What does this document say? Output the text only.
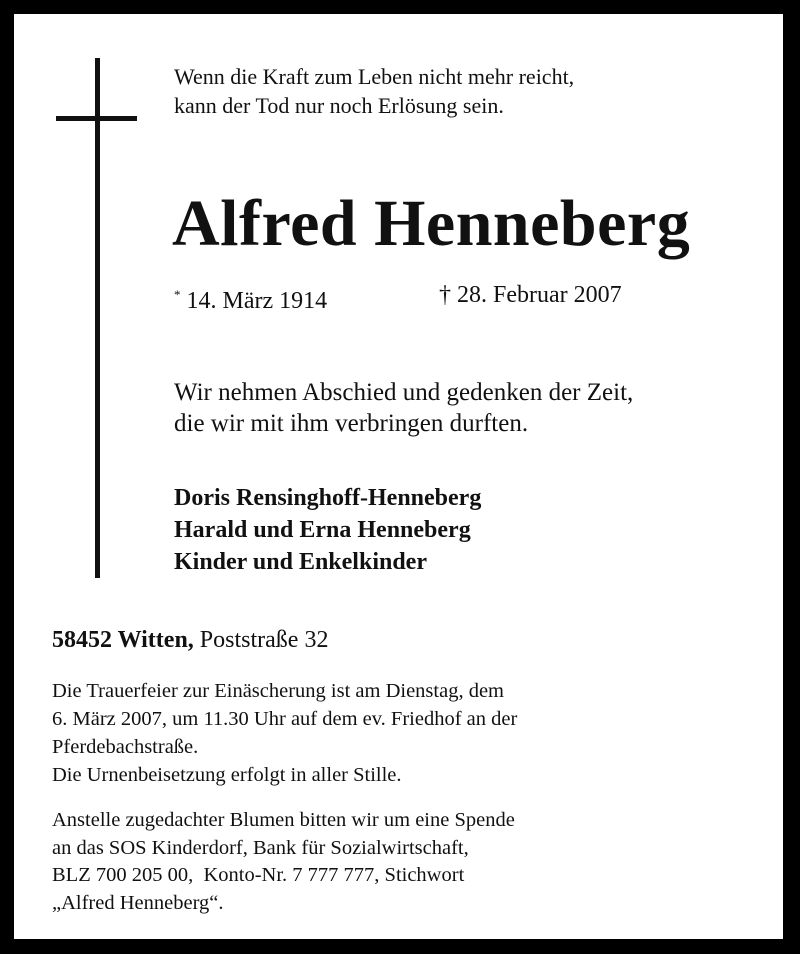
Wenn die Kraft zum Leben nicht mehr reicht,
kann der Tod nur noch Erlösung sein.
Alfred Henneberg
* 14. März 1914	† 28. Februar 2007
Wir nehmen Abschied und gedenken der Zeit,
die wir mit ihm verbringen durften.
Doris Rensinghoff-Henneberg
Harald und Erna Henneberg
Kinder und Enkelkinder
58452 Witten, Poststraße 32
Die Trauerfeier zur Einäscherung ist am Dienstag, dem
6. März 2007, um 11.30 Uhr auf dem ev. Friedhof an der
Pferdebachstraße.
Die Urnenbeisetzung erfolgt in aller Stille.
Anstelle zugedachter Blumen bitten wir um eine Spende
an das SOS Kinderdorf, Bank für Sozialwirtschaft,
BLZ 700 205 00,  Konto-Nr. 7 777 777, Stichwort
„Alfred Henneberg“.
